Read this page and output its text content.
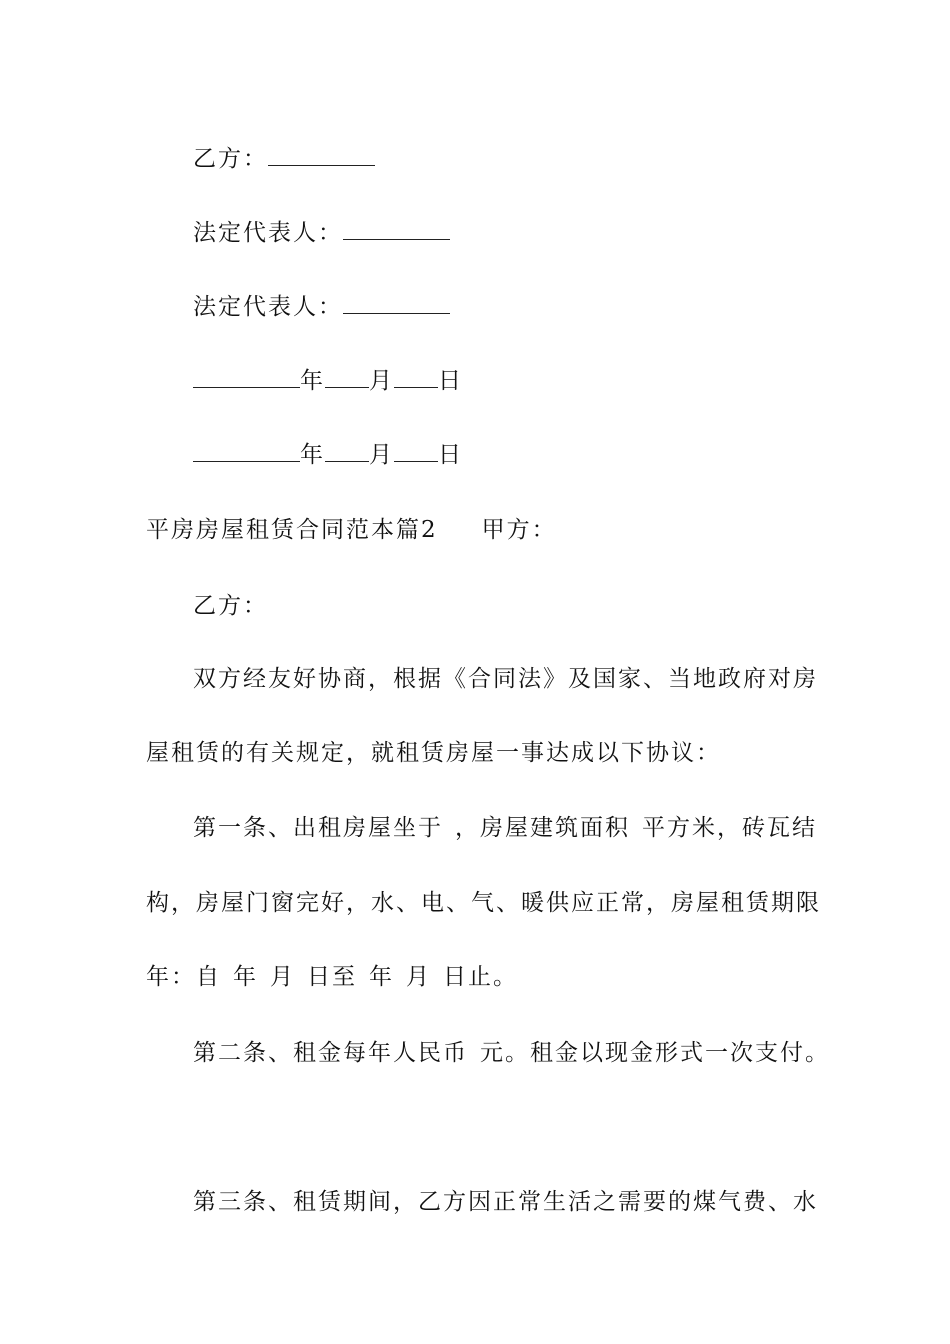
乙方：
法定代表人：
法定代表人：
年 月 日
年 月 日
平房房屋租赁合同范本篇2 甲方：
乙方：
双方经友好协商，根据《合同法》及国家、当地政府对房
屋租赁的有关规定，就租赁房屋一事达成以下协议：
第一条、出租房屋坐于 ，房屋建筑面积 平方米，砖瓦结
构，房屋门窗完好，水、电、气、暖供应正常，房屋租赁期限
年：自 年 月 日至 年 月 日止。
第二条、租金每年人民币 元。租金以现金形式一次支付。
第三条、租赁期间，乙方因正常生活之需要的煤气费、水
